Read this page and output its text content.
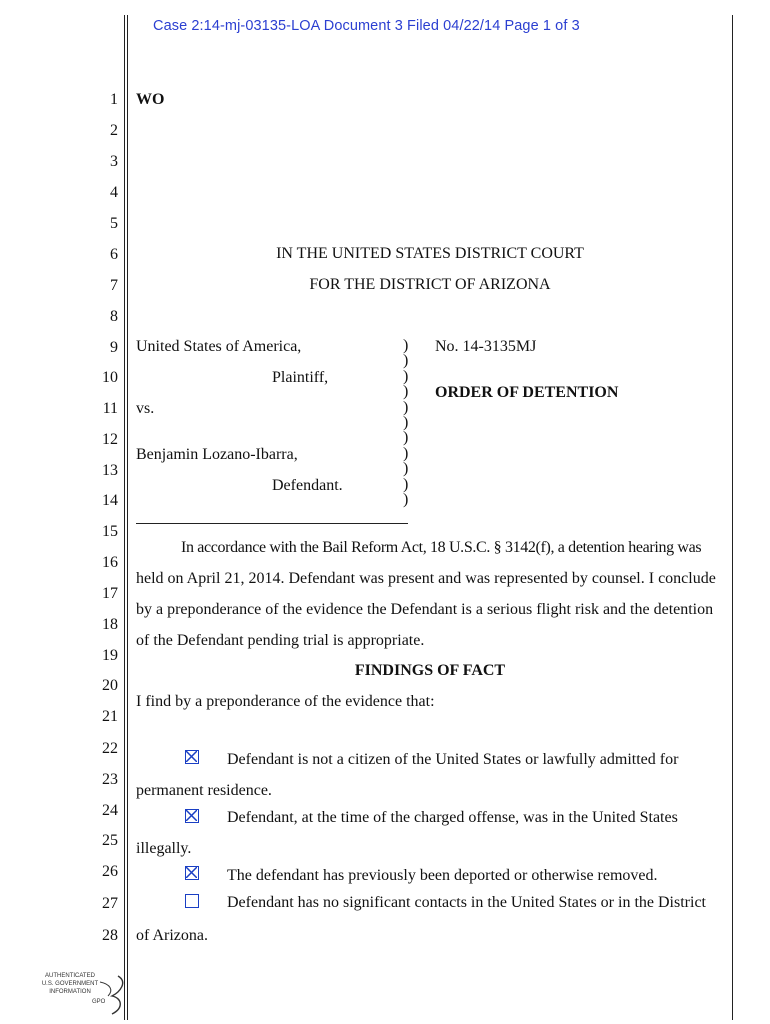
Case 2:14-mj-03135-LOA Document 3 Filed 04/22/14 Page 1 of 3
1
2
3
4
5
6
7
8
9
10
11
12
13
14
15
16
17
18
19
20
21
22
23
24
25
26
27
28
WO
IN THE UNITED STATES DISTRICT COURT
FOR THE DISTRICT OF ARIZONA
United States of America,
Plaintiff,
vs.
Benjamin Lozano-Ibarra,
Defendant.
)
)
)
)
)
)
)
)
)
)
)
No. 14-3135MJ
ORDER OF DETENTION
In accordance with the Bail Reform Act, 18 U.S.C. § 3142(f), a detention hearing was
held on April 21, 2014. Defendant was present and was represented by counsel. I conclude
by a preponderance of the evidence the Defendant is a serious flight risk and the detention
of the Defendant pending trial is appropriate.
FINDINGS OF FACT
I find by a preponderance of the evidence that:
Defendant is not a citizen of the United States or lawfully admitted for
permanent residence.
Defendant, at the time of the charged offense, was in the United States
illegally.
The defendant has previously been deported or otherwise removed.
Defendant has no significant contacts in the United States or in the District
of Arizona.
AUTHENTICATED
U.S. GOVERNMENT
INFORMATION
GPO
